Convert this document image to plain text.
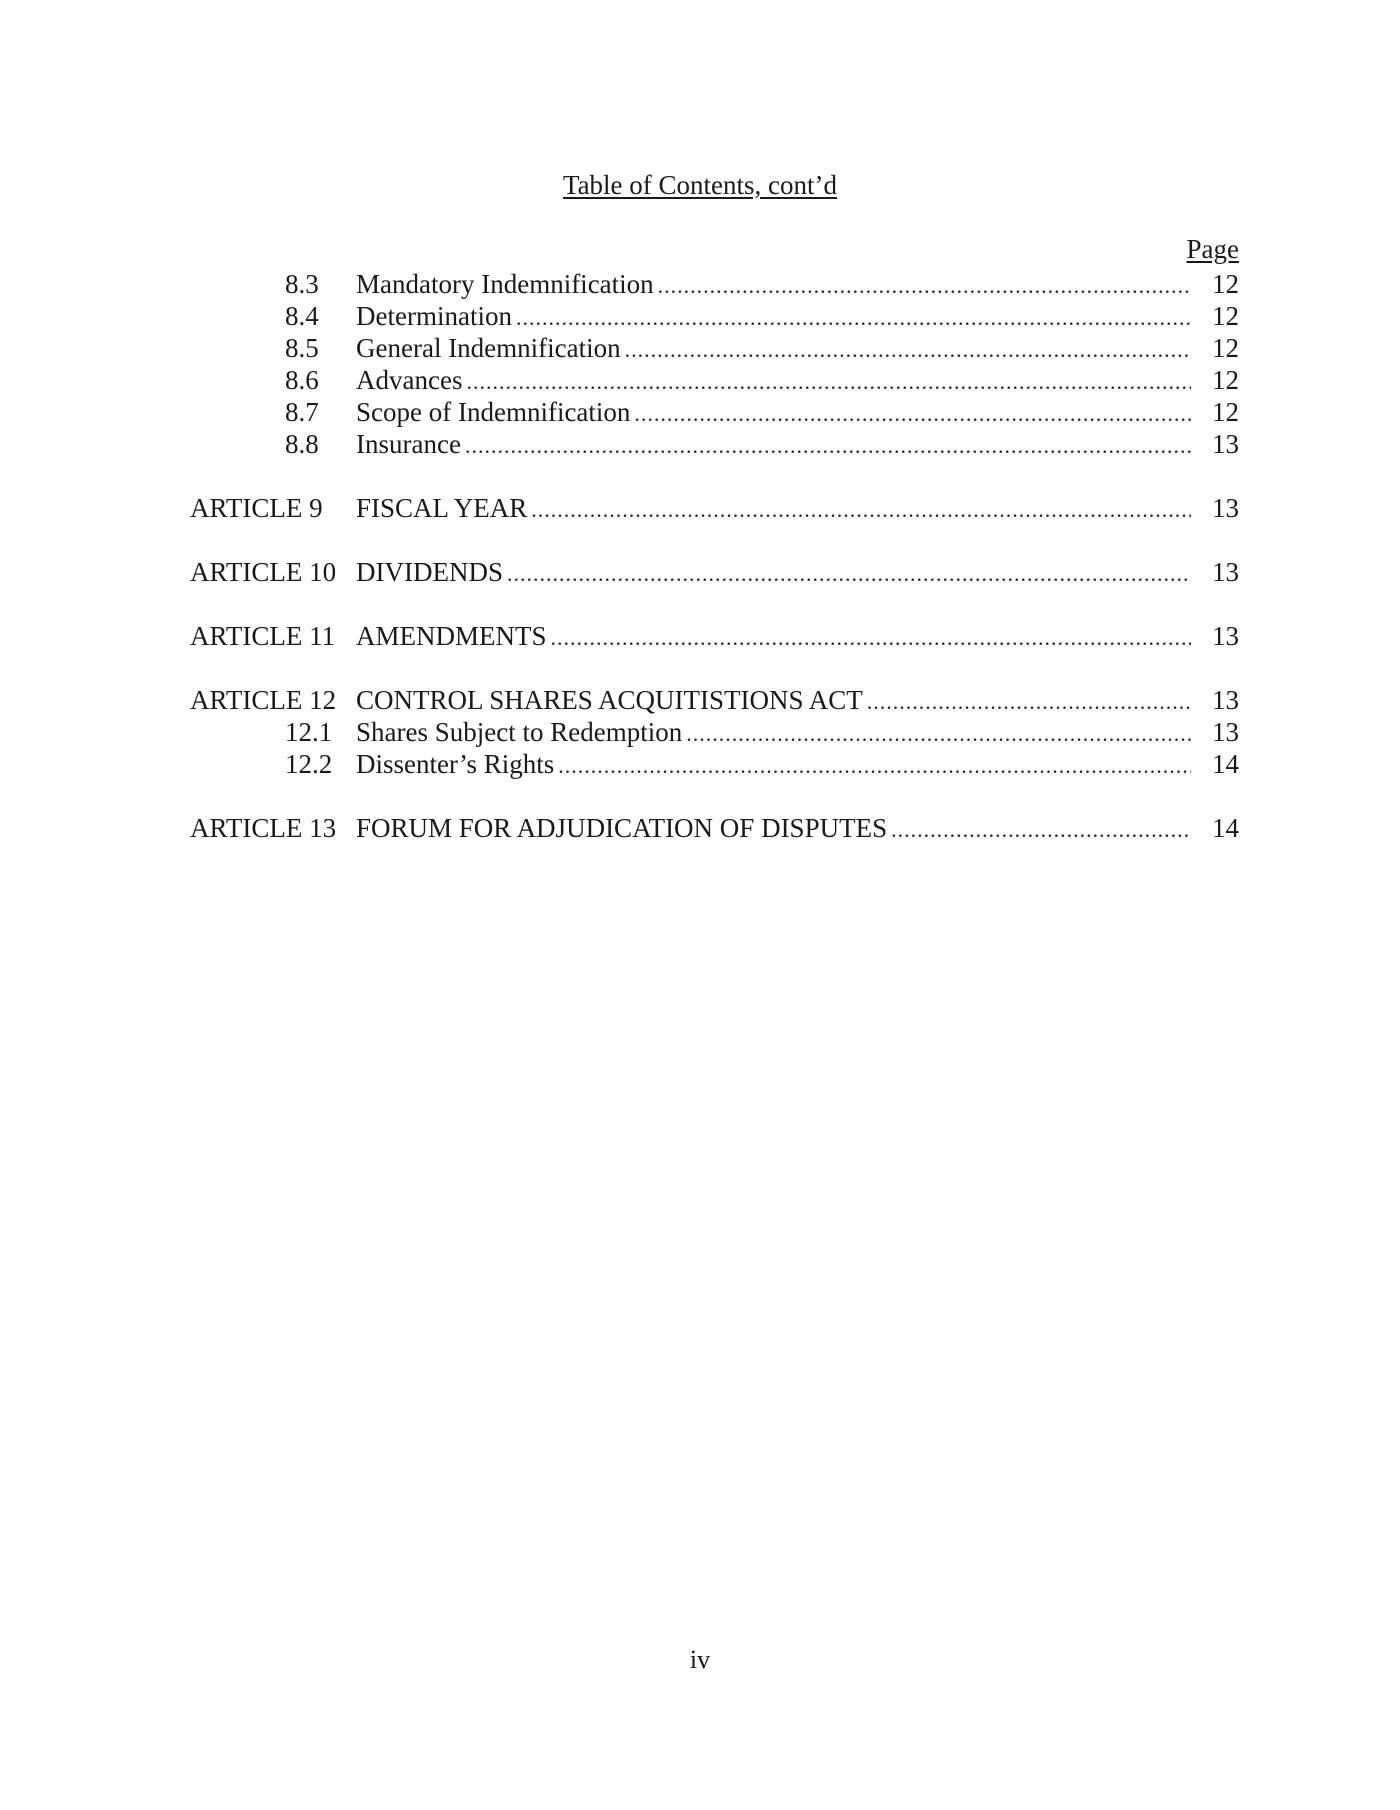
Table of Contents, cont’d
Page
8.3 Mandatory Indemnification .....	12
8.4 Determination .....	12
8.5 General Indemnification .....	12
8.6 Advances .....	12
8.7 Scope of Indemnification .....	12
8.8 Insurance .....	13
ARTICLE 9 FISCAL YEAR .....	13
ARTICLE 10 DIVIDENDS .....	13
ARTICLE 11 AMENDMENTS .....	13
ARTICLE 12 CONTROL SHARES ACQUITISTIONS ACT .....	13
12.1 Shares Subject to Redemption .....	13
12.2 Dissenter’s Rights .....	14
ARTICLE 13 FORUM FOR ADJUDICATION OF DISPUTES .....	14
iv
